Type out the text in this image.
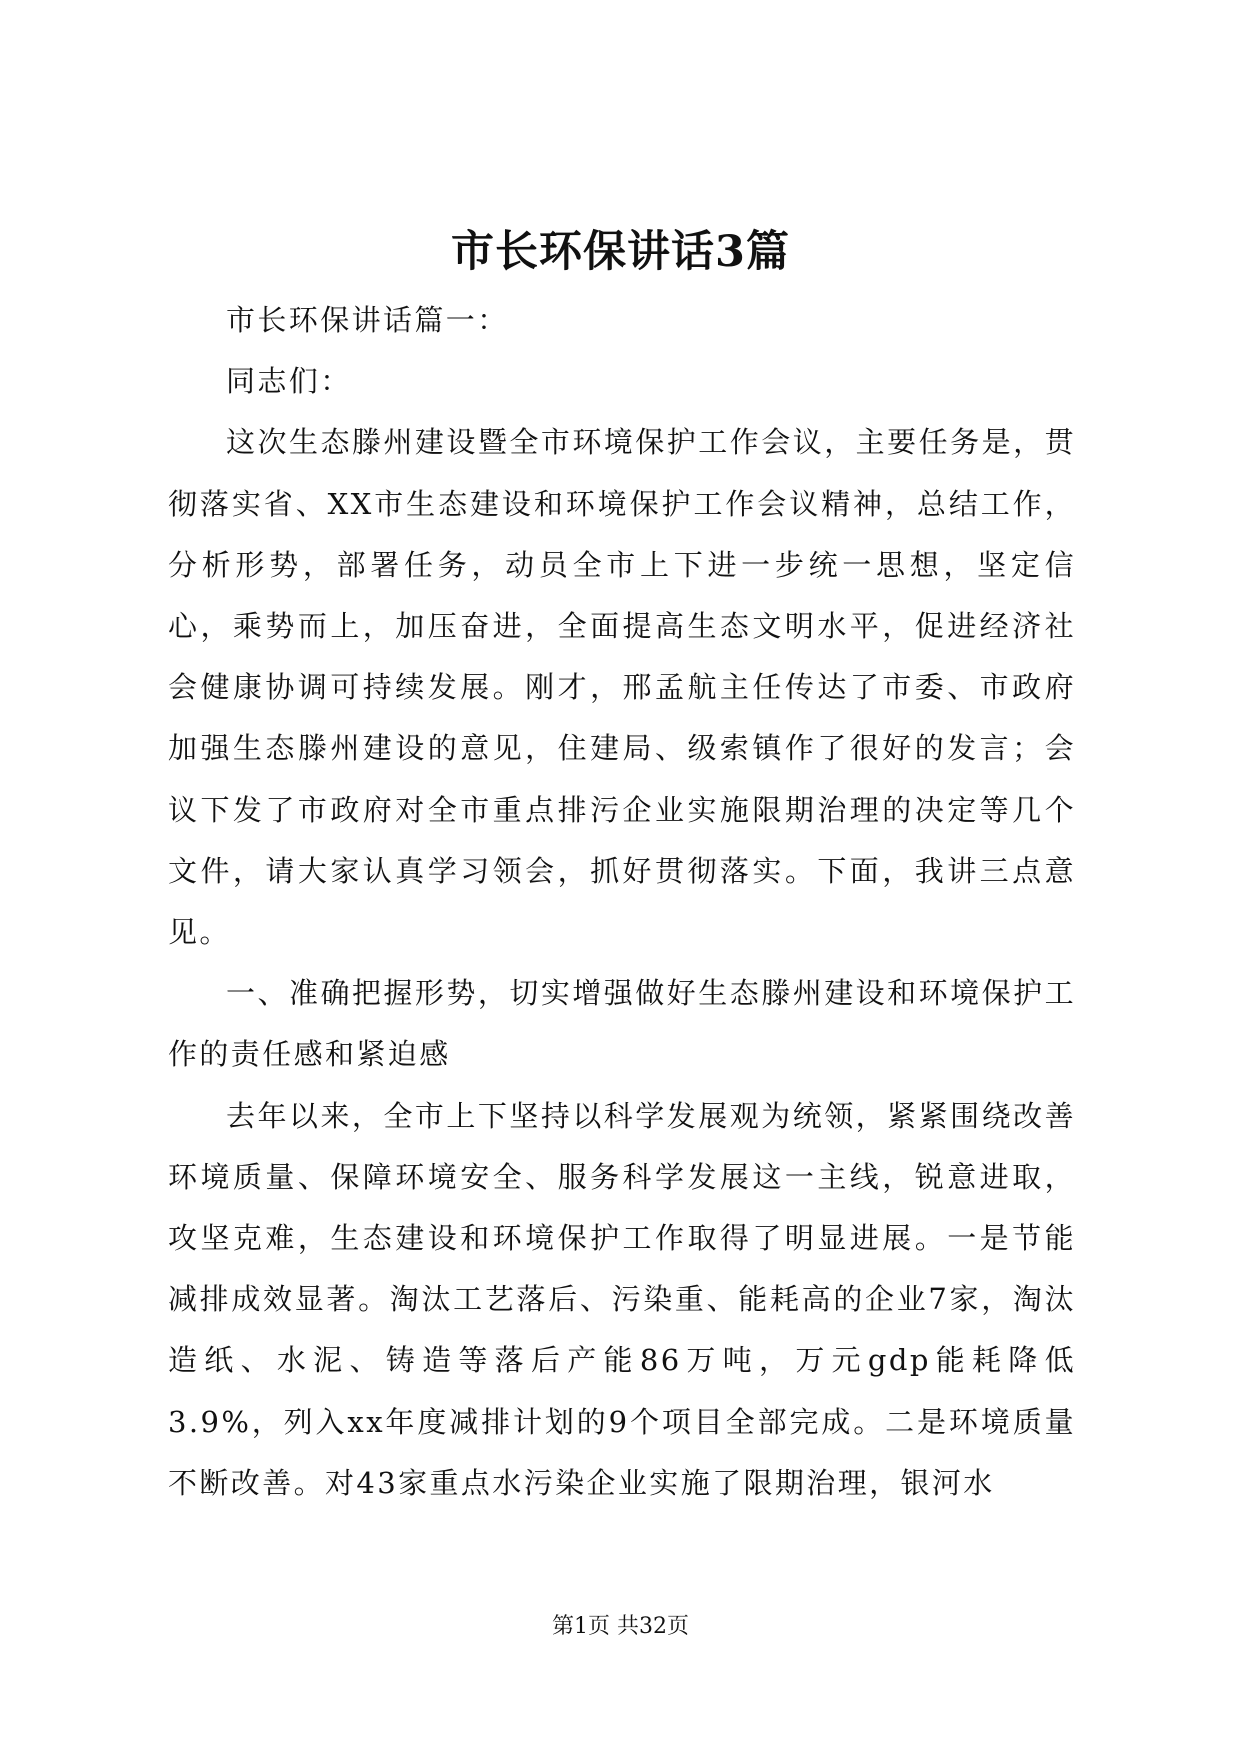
市长环保讲话3篇

市长环保讲话篇一：

同志们：

这次生态滕州建设暨全市环境保护工作会议，主要任务是，贯彻落实省、XX市生态建设和环境保护工作会议精神，总结工作，分析形势，部署任务，动员全市上下进一步统一思想，坚定信心，乘势而上，加压奋进，全面提高生态文明水平，促进经济社会健康协调可持续发展。刚才，邢孟航主任传达了市委、市政府加强生态滕州建设的意见，住建局、级索镇作了很好的发言；会议下发了市政府对全市重点排污企业实施限期治理的决定等几个文件，请大家认真学习领会，抓好贯彻落实。下面，我讲三点意见。

一、准确把握形势，切实增强做好生态滕州建设和环境保护工作的责任感和紧迫感

去年以来，全市上下坚持以科学发展观为统领，紧紧围绕改善环境质量、保障环境安全、服务科学发展这一主线，锐意进取，攻坚克难，生态建设和环境保护工作取得了明显进展。一是节能减排成效显著。淘汰工艺落后、污染重、能耗高的企业7家，淘汰造纸、水泥、铸造等落后产能86万吨，万元gdp能耗降低3.9%，列入xx年度减排计划的9个项目全部完成。二是环境质量不断改善。对43家重点水污染企业实施了限期治理，银河水

第1页 共32页
